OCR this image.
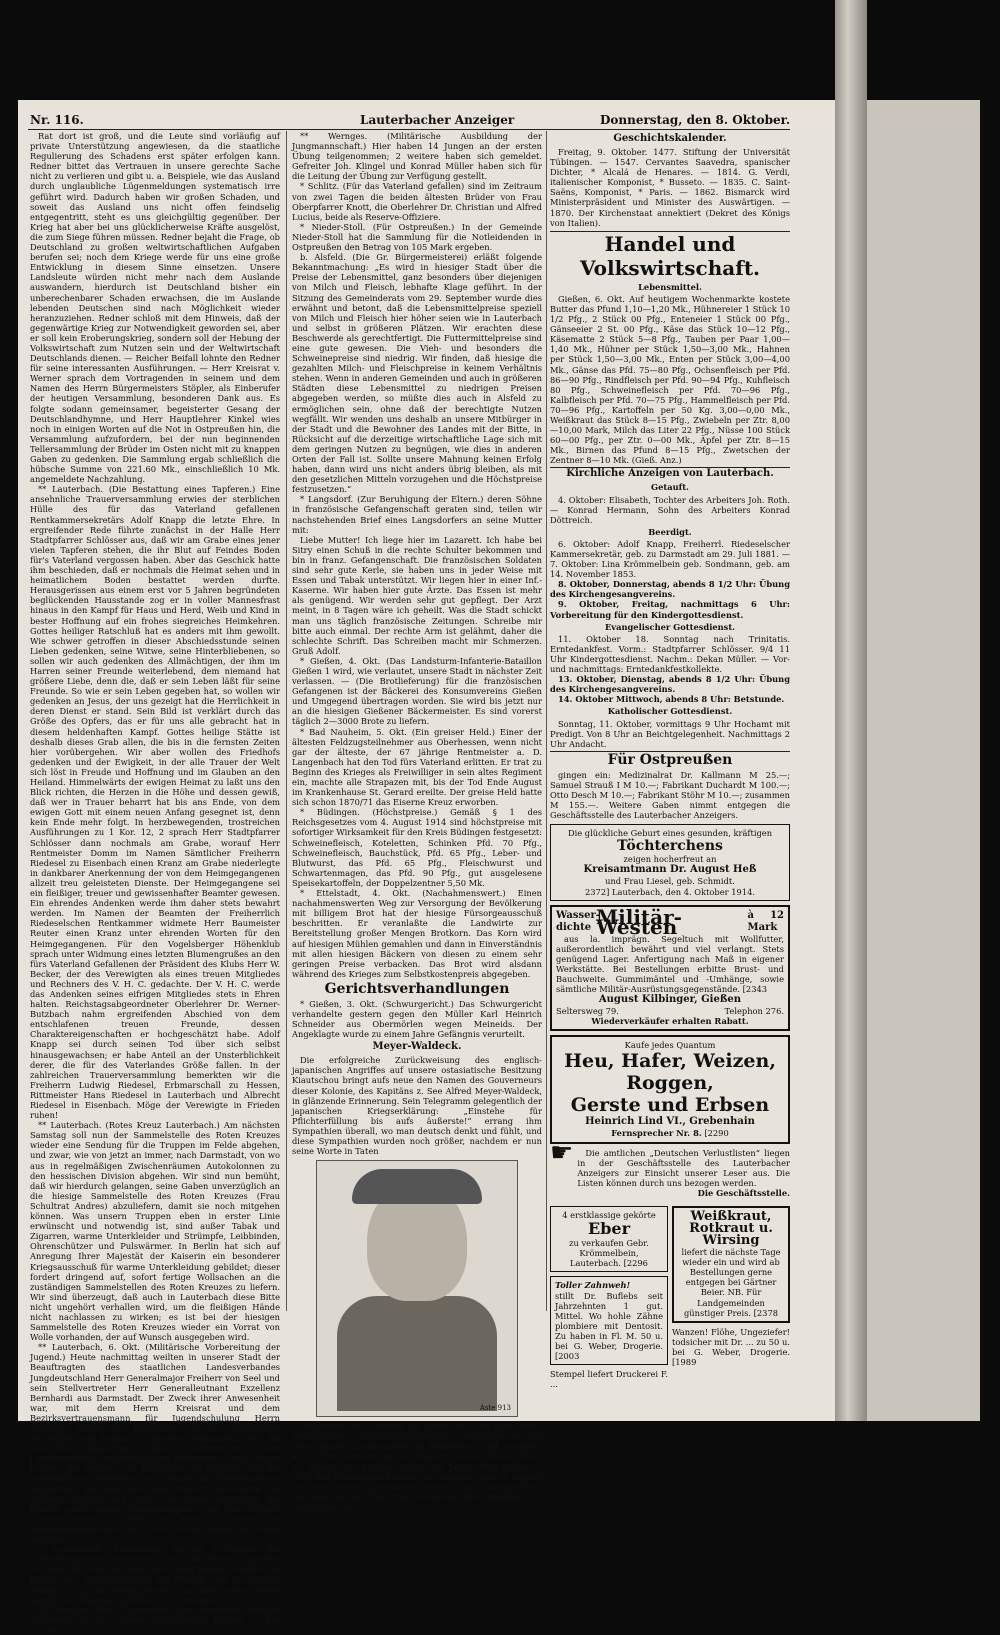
Nr. 116.	Lauterbacher Anzeiger	Donnerstag, den 8. Oktober.

Rat dort ist groß, und die Leute sind vorläufig auf private Unterstützung angewiesen, da die staatliche Regulierung des Schadens erst später erfolgen kann. Redner bittet das Vertrauen in unsere gerechte Sache nicht zu verlieren und gibt u. a. Beispiele, wie das Ausland durch unglaubliche Lügenmeldungen systematisch irre geführt wird. Dadurch haben wir großen Schaden, und soweit das Ausland uns nicht offen feindselig entgegentritt, steht es uns gleichgültig gegenüber. Der Krieg hat aber bei uns glücklicherweise Kräfte ausgelöst, die zum Siege führen müssen. Redner bejaht die Frage, ob Deutschland zu großen weltwirtschaftlichen Aufgaben berufen sei; noch dem Kriege werde für uns eine große Entwicklung in diesem Sinne einsetzen. Unsere Landsleute würden nicht mehr nach dem Auslande auswandern, hierdurch ist Deutschland bisher ein unberechenbarer Schaden erwachsen, die im Auslande lebenden Deutschen sind nach Möglichkeit wieder heranzuziehen. Redner schloß mit dem Hinweis, daß der gegenwärtige Krieg zur Notwendigkeit geworden sei, aber er soll kein Eroberungskrieg, sondern soll der Hebung der Volkswirtschaft zum Nutzen sein und der Weltwirtschaft Deutschlands dienen. — Reicher Beifall lohnte den Redner für seine interessanten Ausführungen. — Herr Kreisrat v. Werner sprach dem Vortragenden in seinem und dem Namen des Herrn Bürgermeisters Stöpler, als Einberufer der heutigen Versammlung, besonderen Dank aus. Es folgte sodann gemeinsamer, begeisterter Gesang der Deutschlandhymne, und Herr Hauptlehrer Kinkel wies noch in einigen Worten auf die Not in Ostpreußen hin, die Versammlung aufzufordern, bei der nun beginnenden Tellersammlung der Brüder im Osten nicht mit zu knappen Gaben zu gedenken. Die Sammlung ergab schließlich die hübsche Summe von 221.60 Mk., einschließlich 10 Mk. angemeldete Nachzahlung.

** Lauterbach. (Die Bestattung eines Tapferen.) Eine ansehnliche Trauerversammlung erwies der sterblichen Hülle des für das Vaterland gefallenen Rentkammersekretärs Adolf Knapp die letzte Ehre. In ergreifender Rede führte zunächst in der Halle Herr Stadtpfarrer Schlösser aus, daß wir am Grabe eines jener vielen Tapferen stehen, die ihr Blut auf Feindes Boden für's Vaterland vergossen haben. Aber das Geschick hatte ihm beschieden, daß er nochmals die Heimat sehen und in heimatlichem Boden bestattet werden durfte. Herausgerissen aus einem erst vor 5 Jahren begründeten beglückenden Hausstande zog er in voller Mannesfrast hinaus in den Kampf für Haus und Herd, Weib und Kind in bester Hoffnung auf ein frohes siegreiches Heimkehren. Gottes heiliger Ratschluß hat es anders mit ihm gewollt. Wie schwer getroffen in dieser Abschiedsstunde seinen Lieben gedenken, seine Witwe, seine Hinterbliebenen, so sollen wir auch gedenken des Allmächtigen, der ihm im Harren seiner Freunde weiterlebend, dem niemand hat größere Liebe, denn die, daß er sein Leben läßt für seine Freunde. So wie er sein Leben gegeben hat, so wollen wir gedenken an Jesus, der uns gezeigt hat die Herrlichkeit in deren Dienst er stand. Sein Bild ist verklärt durch das Größe des Opfers, das er für uns alle gebracht hat in diesem heldenhaften Kampf. Gottes heilige Stätte ist deshalb dieses Grab allen, die bis in die fernsten Zeiten hier vorübergehen. Wir aber wollen des Friedhofs gedenken und der Ewigkeit, in der alle Trauer der Welt sich löst in Freude und Hoffnung und im Glauben an den Heiland. Himmelwärts der ewigen Heimat zu laßt uns den Blick richten, die Herzen in die Höhe und dessen gewiß, daß wer in Trauer beharrt hat bis ans Ende, von dem ewigen Gott mit einem neuen Anfang gesegnet ist, denn kein Ende mehr folgt. In herzbewegenden, trostreichen Ausführungen zu 1 Kor. 12, 2 sprach Herr Stadtpfarrer Schlösser dann nochmals am Grabe, worauf Herr Rentmeister Domm im Namen Sämtlicher Freiherrn Riedesel zu Eisenbach einen Kranz am Grabe niederlegte in dankbarer Anerkennung der von dem Heimgegangenen allzeit treu geleisteten Dienste. Der Heimgegangene sei ein fleißiger, treuer und gewissenhafter Beamter gewesen. Ein ehrendes Andenken werde ihm daher stets bewahrt werden. Im Namen der Beamten der Freiherrlich Riedeselschen Rentkammer widmete Herr Baumeister Reuter einen Kranz unter ehrenden Worten für den Heimgegangenen. Für den Vogelsberger Höhenklub sprach unter Widmung eines letzten Blumengrußes an den fürs Vaterland Gefallenen der Präsident des Klubs Herr W. Becker, der des Verewigten als eines treuen Mitgliedes und Rechners des V. H. C. gedachte. Der V. H. C. werde das Andenken seines eifrigen Mitgliedes stets in Ehren halten. Reichstagsabgeordneter Oberlehrer Dr. Werner-Butzbach nahm ergreifenden Abschied von dem entschlafenen treuen Freunde, dessen Charaktereigenschaften er hochgeschätzt habe. Adolf Knapp sei durch seinen Tod über sich selbst hinausgewachsen; er habe Anteil an der Unsterblichkeit derer, die für des Vaterlandes Größe fallen. In der zahlreichen Trauerversammlung bemerkten wir die Freiherrn Ludwig Riedesel, Erbmarschall zu Hessen, Rittmeister Hans Riedesel in Lauterbach und Albrecht Riedesel in Eisenbach. Möge der Verewigte in Frieden ruhen!

** Lauterbach. (Rotes Kreuz Lauterbach.) Am nächsten Samstag soll nun der Sammelstelle des Roten Kreuzes wieder eine Sendung für die Truppen im Felde abgehen, und zwar, wie von jetzt an immer, nach Darmstadt, von wo aus in regelmäßigen Zwischenräumen Autokolonnen zu den hessischen Division abgehen. Wir sind nun bemüht, daß wir hierdurch gelangen, seine Gaben unverzüglich an die hiesige Sammelstelle des Roten Kreuzes (Frau Schultrat Andres) abzuliefern, damit sie noch mitgehen können. Was unsern Truppen eben in erster Linie erwünscht und notwendig ist, sind außer Tabak und Zigarren, warme Unterkleider und Strümpfe, Leibbinden, Ohrenschützer und Pulswärmer. In Berlin hat sich auf Anregung Ihrer Majestät der Kaiserin ein besonderer Kriegsausschuß für warme Unterkleidung gebildet; dieser fordert dringend auf, sofort fertige Wollsachen an die zuständigen Sammelstellen des Roten Kreuzes zu liefern. Wir sind überzeugt, daß auch in Lauterbach diese Bitte nicht ungehört verhallen wird, um die fleißigen Hände nicht nachlassen zu wirken; es ist bei der hiesigen Sammelstelle des Roten Kreuzes wieder ein Vorrat von Wolle vorhanden, der auf Wunsch ausgegeben wird.

** Lauterbach, 6. Okt. (Militärische Vorbereitung der Jugend.) Heute nachmittag weilten in unserer Stadt der Beauftragten des staatlichen Landesverbandes Jungdeutschland Herr Generalmajor Freiherr von Seel und sein Stellvertreter Herr Generalleutnant Exzellenz Bernhardi aus Darmstadt. Der Zweck ihrer Anwesenheit war, mit dem Herrn Kreisrat und dem Bezirksvertrauensmann für Jugendschulung Herrn Schulrat Andres die Richtlinien für die militärische Vorbildung der Jugend zu beraten. Bekanntlich hat die hessische Regierung diese Vorbereitung dem Landesverband Jungdeutschland übertragen. Den jungen Leuten, die beraten zur Teilnahme ein Zeugnis, das bei regelmäßiger Teilnahme am Schlusse eine Bescheinigung ausgestellt, die ihnen bei ihrem Eintritt zum Heere von großem Vorteile sein wird. Am Abend begrüßten die Herren noch unsere Jugendkompanie und ihre Führer. Unsere Jugend ist bereit, das Beste zu lernen. Die Jugendkompanie muß um 7 Uhr für den Abend zur Übung antreten.

g. Lauterbach. (Turnverein.) Da am 6. Oktober die Jugendkompanie Lauterbach durch die Herren Generäle von Seel und von Bernhardi besichtigt werden, mußte der Beginn des Turnunterrichts auf Freitag, den 9. Oktober abends 7 1/2 Uhr verlegt werden. Am Abend waren daher sämtliche Mitglieder pünktlich zu erscheinen.

W. Wernges. (Für Ostpreußen.) Die Gemeinde Wernges sammelte 57 für unsere notleidenden Brüder in der Ostmark.

** Wernges. (Militärische Ausbildung der Jungmannschaft.) Hier haben 14 Jungen an der ersten Übung teilgenommen; 2 weitere haben sich gemeldet. Gefreiter Joh. Klingel und Konrad Müller haben sich für die Leitung der Übung zur Verfügung gestellt.

* Schlitz. (Für das Vaterland gefallen) sind im Zeitraum von zwei Tagen die beiden ältesten Brüder von Frau Oberpfarrer Knott, die Oberlehrer Dr. Christian und Alfred Lucius, beide als Reserve-Offiziere.

* Nieder-Stoll. (Für Ostpreußen.) In der Gemeinde Nieder-Stoll hat die Sammlung für die Notleidenden in Ostpreußen den Betrag von 105 Mark ergeben.

b. Alsfeld. (Die Gr. Bürgermeisterei) erläßt folgende Bekanntmachung: „Es wird in hiesiger Stadt über die Preise der Lebensmittel, ganz besonders über diejenigen von Milch und Fleisch, lebhafte Klage geführt. In der Sitzung des Gemeinderats vom 29. September wurde dies erwähnt und betont, daß die Lebensmittelpreise speziell von Milch und Fleisch hier höher seien wie in Lauterbach und selbst in größeren Plätzen. Wir erachten diese Beschwerde als gerechtfertigt. Die Futtermittelpreise sind eine gute gewesen. Die Vieh- und besonders die Schweinepreise sind niedrig. Wir finden, daß hiesige die gezahlten Milch- und Fleischpreise in keinem Verhältnis stehen. Wenn in anderen Gemeinden und auch in größeren Städten diese Lebensmittel zu niedrigen Preisen abgegeben werden, so müßte dies auch in Alsfeld zu ermöglichen sein, ohne daß der berechtigte Nutzen wegfällt. Wir wenden uns deshalb an unsere Mitbürger in der Stadt und die Bewohner des Landes mit der Bitte, in Rücksicht auf die derzeitige wirtschaftliche Lage sich mit dem geringen Nutzen zu begnügen, wie dies in anderen Orten der Fall ist. Sollte unsere Mahnung keinen Erfolg haben, dann wird uns nicht anders übrig bleiben, als mit den gesetzlichen Mitteln vorzugehen und die Höchstpreise festzusetzen.“

* Langsdorf. (Zur Beruhigung der Eltern.) deren Söhne in französische Gefangenschaft geraten sind, teilen wir nachstehenden Brief eines Langsdorfers an seine Mutter mit:

Liebe Mutter! Ich liege hier im Lazarett. Ich habe bei Sitry einen Schuß in die rechte Schulter bekommen und bin in franz. Gefangenschaft. Die französischen Soldaten sind sehr gute Kerle, sie haben uns in jeder Weise mit Essen und Tabak unterstützt. Wir liegen hier in einer Inf.-Kaserne. Wir haben hier gute Ärzte. Das Essen ist mehr als genügend. Wir werden sehr gut gepflegt. Der Arzt meint, in 8 Tagen wäre ich geheilt. Was die Stadt schickt man uns täglich französische Zeitungen. Schreibe mir bitte auch einmal. Der rechte Arm ist gelähmt, daher die schlechte Schrift. Das Schreiben macht mir Schmerzen. Gruß Adolf.

* Gießen, 4. Okt. (Das Landsturm-Infanterie-Bataillon Gießen 1 wird, wie verlautet, unsere Stadt in nächster Zeit verlassen. — (Die Brotlieferung) für die französischen Gefangenen ist der Bäckerei des Konsumvereins Gießen und Umgegend übertragen worden. Sie wird bis jetzt nur an die hiesigen Gießener Bäckermeister. Es sind vorerst täglich 2—3000 Brote zu liefern.

* Bad Nauheim, 5. Okt. (Ein greiser Held.) Einer der ältesten Feldzugsteilnehmer aus Oberhessen, wenn nicht gar der älteste, der 67 jährige Rentmeister a. D. Langenbach hat den Tod fürs Vaterland erlitten. Er trat zu Beginn des Krieges als Freiwilliger in sein altes Regiment ein, machte alle Strapazen mit, bis der Tod Ende August im Krankenhause St. Gerard ereilte. Der greise Held hatte sich schon 1870/71 das Eiserne Kreuz erworben.

* Büdingen. (Höchstpreise.) Gemäß § 1 des Reichsgesetzes vom 4. August 1914 sind höchstpreise mit sofortiger Wirksamkeit für den Kreis Büdingen festgesetzt: Schweinefleisch, Koteletten, Schinken Pfd. 70 Pfg., Schweinefleisch, Bauchstück, Pfd. 65 Pfg., Leber- und Blutwurst, das Pfd. 65 Pfg., Fleischwurst und Schwartenmagen, das Pfd. 90 Pfg., gut ausgelesene Speisekartoffeln, der Doppelzentner 5,50 Mk.

* Ettelstadt, 4. Okt. (Nachahmenswert.) Einen nachahmenswerten Weg zur Versorgung der Bevölkerung mit billigem Brot hat der hiesige Fürsorgeausschuß beschritten. Er veranlaßte die Landwirte zur Bereitstellung großer Mengen Brotkorn. Das Korn wird auf hiesigen Mühlen gemahlen und dann in Einverständnis mit allen hiesigen Bäckern von diesen zu einem sehr geringen Preise verbacken. Das Brot wird alsdann während des Krieges zum Selbstkostenpreis abgegeben.

Gerichtsverhandlungen

* Gießen, 3. Okt. (Schwurgericht.) Das Schwurgericht verhandelte gestern gegen den Müller Karl Heinrich Schneider aus Obermörlen wegen Meineids. Der Angeklagte wurde zu einem Jahre Gefängnis verurteilt.

Meyer-Waldeck.

Die erfolgreiche Zurückweisung des englisch-japanischen Angriffes auf unsere ostasiatische Besitzung Kiautschou bringt aufs neue den Namen des Gouverneurs dieser Kolonie, des Kapitäns z. See Alfred Meyer-Waldeck, in glänzende Erinnerung. Sein Telegramm gelegentlich der japanischen Kriegserklärung: „Einstehe für Pflichterfüllung bis aufs äußerste!“ errang ihm Sympathien überall, wo man deutsch denkt und fühlt, und diese Sympathien wurden noch größer, nachdem er nun seine Worte in Taten

Aste 913

umgesetzt hat. Geboren im Jahre 1863 als Sohn eines Heidelberger Universitätsprofessors, verbrachte er fast seine ganze Gymnasialzeit in Heidelberg und studierte auch zwei Semester an der Ruperto-Carola, ehe er 1884, als Kadett, zur Marine eintrat. Im Jahre 1909 wurde er Chef des Kreuzergeschwaders in Ostasien, und im August vor drei Jahren Gouverneur unseres Kiautschougebietes, der ihm in der Zeit zum Verweser des Zweibund zu verteidigen hat.

Geschichtskalender.

Freitag, 9. Oktober. 1477. Stiftung der Universität Tübingen. — 1547. Cervantes Saavedra, spanischer Dichter, * Alcalá de Henares. — 1814. G. Verdi, italienischer Komponist, * Busseto. — 1835. C. Saint-Saëns, Komponist, * Paris. — 1862. Bismarck wird Ministerpräsident und Minister des Auswärtigen. — 1870. Der Kirchenstaat annektiert (Dekret des Königs von Italien).

Handel und Volkswirtschaft.
Lebensmittel.

Gießen, 6. Okt. Auf heutigem Wochenmarkte kostete Butter das Pfund 1,10—1,20 Mk., Hühnereier 1 Stück 10 1/2 Pfg., 2 Stück 00 Pfg., Enteneier 1 Stück 00 Pfg., Gänseeier 2 St. 00 Pfg., Käse das Stück 10—12 Pfg., Käsematte 2 Stück 5—8 Pfg., Tauben per Paar 1,00—1,40 Mk., Hühner per Stück 1,50—3,00 Mk., Hahnen per Stück 1,50—3,00 Mk., Enten per Stück 3,00—4,00 Mk., Gänse das Pfd. 75—80 Pfg., Ochsenfleisch per Pfd. 86—90 Pfg., Rindfleisch per Pfd. 90—94 Pfg., Kuhfleisch 80 Pfg., Schweinefleisch per Pfd. 70—96 Pfg., Kalbfleisch per Pfd. 70—75 Pfg., Hammelfleisch per Pfd. 70—96 Pfg., Kartoffeln per 50 Kg. 3,00—0,00 Mk., Weißkraut das Stück 8—15 Pfg., Zwiebeln per Ztr. 8,00—10,00 Mark, Milch das Liter 22 Pfg., Nüsse 100 Stück 60—00 Pfg., per Ztr. 0—00 Mk., Äpfel per Ztr. 8—15 Mk., Birnen das Pfund 8—15 Pfg., Zwetschen der Zentner 8—10 Mk. (Gieß. Anz.)

Kirchliche Anzeigen von Lauterbach.
Getauft.

4. Oktober: Elisabeth, Tochter des Arbeiters Joh. Roth. — Konrad Hermann, Sohn des Arbeiters Konrad Döttreich.

Beerdigt.

6. Oktober: Adolf Knapp, Freiherrl. Riedeselscher Kammersekretär, geb. zu Darmstadt am 29. Juli 1881. — 7. Oktober: Lina Krömmelbein geb. Sondmann, geb. am 14. November 1853.

8. Oktober, Donnerstag, abends 8 1/2 Uhr: Übung des Kirchengesangvereins.

9. Oktober, Freitag, nachmittags 6 Uhr: Vorbereitung für den Kindergottesdienst.

Evangelischer Gottesdienst.

11. Oktober 18. Sonntag nach Trinitatis. Erntedankfest. Vorm.: Stadtpfarrer Schlösser. 9/4 11 Uhr Kindergottesdienst. Nachm.: Dekan Müller. — Vor- und nachmittags: Erntedankfestkollekte.

13. Oktober, Dienstag, abends 8 1/2 Uhr: Übung des Kirchengesangvereins.

14. Oktober Mittwoch, abends 8 Uhr: Betstunde.

Katholischer Gottesdienst.

Sonntag, 11. Oktober, vormittags 9 Uhr Hochamt mit Predigt. Von 8 Uhr an Beichtgelegenheit. Nachmittags 2 Uhr Andacht.

Für Ostpreußen

gingen ein: Medizinalrat Dr. Kallmann M 25.—; Samuel Strauß I M 10.—; Fabrikant Duchardt M 100.—; Otto Desch M 10.—; Fabrikant Stöhr M 10.—; zusammen M 155.—. Weitere Gaben nimmt entgegen die Geschäftsstelle des Lauterbacher Anzeigers.

Die glückliche Geburt eines gesunden, kräftigen
Töchterchens
zeigen hocherfreut an
Kreisamtmann Dr. August Heß
und Frau Liesel, geb. Schmidt.
2372] Lauterbach, den 4. Oktober 1914.
Wasser-dichte Militär-Westen	à 12 Mark

aus la. imprägn. Segeltuch mit Wollfutter, außerordentlich bewährt und viel verlangt. Stets genügend Lager. Anfertigung nach Maß in eigener Werkstätte. Bei Bestellungen erbitte Brust- und Bauchweite. Gummimäntel und -Umhänge, sowie sämtliche Militär-Ausrüstungsgegenstände. [2343

August Kilbinger, Gießen
Seltersweg 79.	Telephon 276.
Wiederverkäufer erhalten Rabatt.
Kaufe jedes Quantum
Heu, Hafer, Weizen, Roggen,
Gerste und Erbsen
Heinrich Lind VI., Grebenhain
Fernsprecher Nr. 8. [2290
☛	Die amtlichen „Deutschen Verlustlisten“ liegen in der Geschäftsstelle des Lauterbacher Anzeigers zur Einsicht unserer Leser aus. Die Listen können durch uns bezogen werden.

Die Geschäftsstelle.
4 erstklassige gekörte
Eber
zu verkaufen Gebr. Krömmelbein, Lauterbach. [2296
Toller Zahnweh!
stillt Dr. Buflebs seit Jahrzehnten 1 gut. Mittel. Wo hohle Zähne plombiere mit Dentosit. Zu haben in Fl. M. 50 u. bei G. Weber, Drogerie. [2003
Stempel liefert Druckerei F. ...
Weißkraut,
Rotkraut u.
Wirsing
liefert die nächste Tage wieder ein und wird ab Bestellungen gerne entgegen bei Gärtner Beier. NB. Für Landgemeinden günstiger Preis. [2378
Wanzen! Flöhe, Ungeziefer! todsicher mit Dr. ... zu 50 u. bei G. Weber, Drogerie. [1989
